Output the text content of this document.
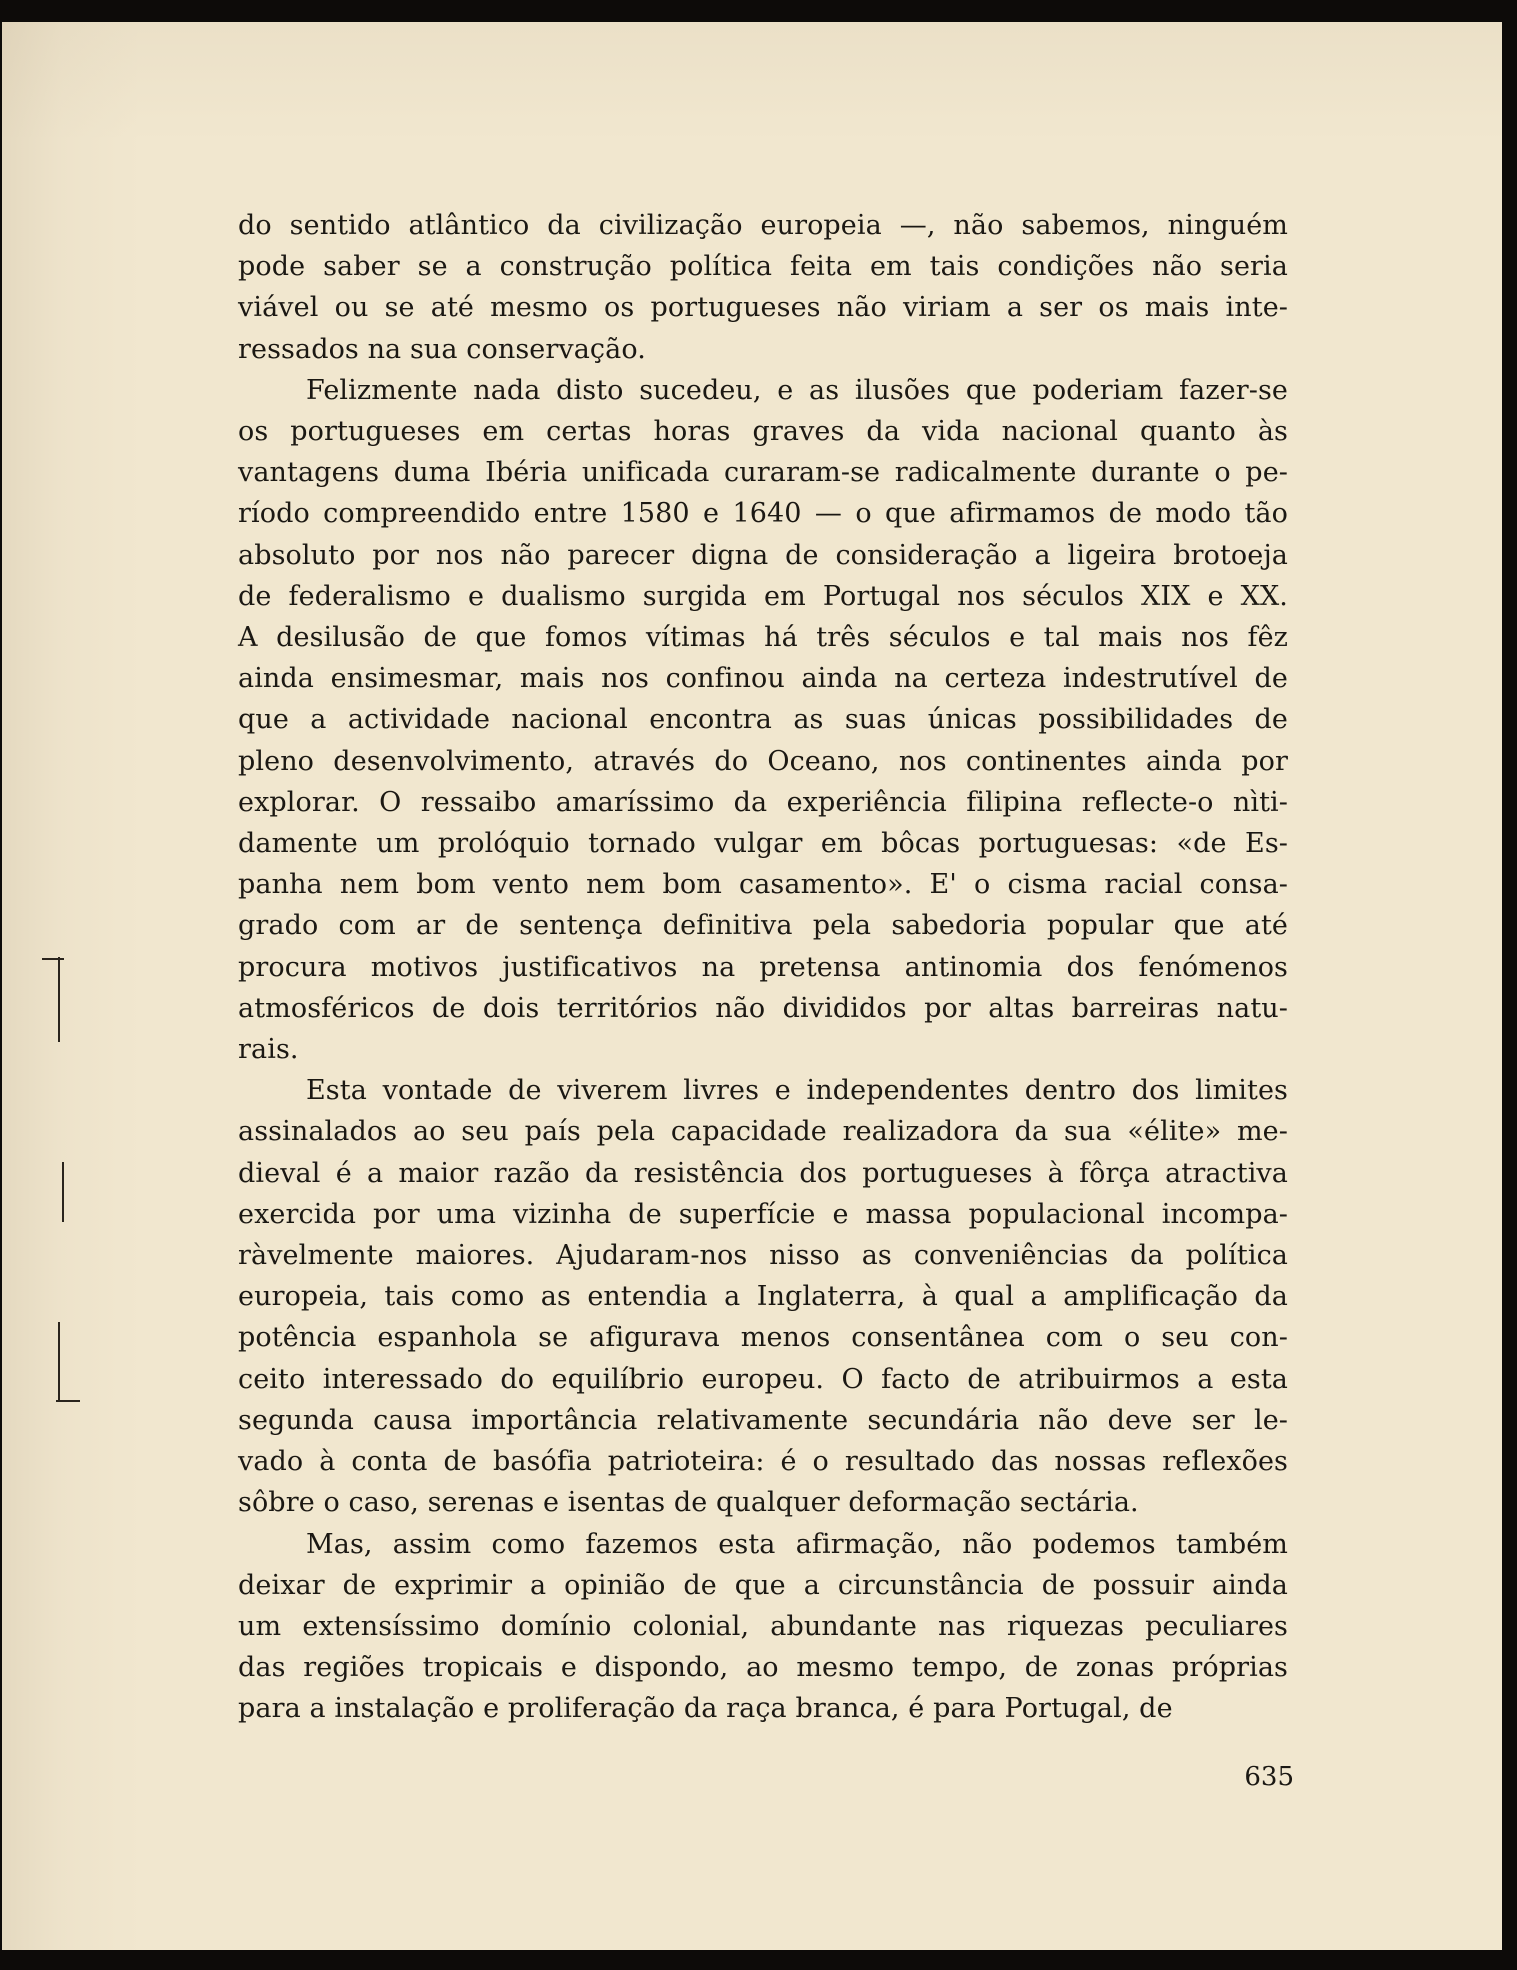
do sentido atlântico da civilização europeia —, não sabemos, ninguém
pode saber se a construção política feita em tais condições não seria
viável ou se até mesmo os portugueses não viriam a ser os mais inte-
ressados na sua conservação.
Felizmente nada disto sucedeu, e as ilusões que poderiam fazer-se
os portugueses em certas horas graves da vida nacional quanto às
vantagens duma Ibéria unificada curaram-se radicalmente durante o pe-
ríodo compreendido entre 1580 e 1640 — o que afirmamos de modo tão
absoluto por nos não parecer digna de consideração a ligeira brotoeja
de federalismo e dualismo surgida em Portugal nos séculos XIX e XX.
A desilusão de que fomos vítimas há três séculos e tal mais nos fêz
ainda ensimesmar, mais nos confinou ainda na certeza indestrutível de
que a actividade nacional encontra as suas únicas possibilidades de
pleno desenvolvimento, através do Oceano, nos continentes ainda por
explorar. O ressaibo amaríssimo da experiência filipina reflecte-o nìti-
damente um prolóquio tornado vulgar em bôcas portuguesas: «de Es-
panha nem bom vento nem bom casamento». E' o cisma racial consa-
grado com ar de sentença definitiva pela sabedoria popular que até
procura motivos justificativos na pretensa antinomia dos fenómenos
atmosféricos de dois territórios não divididos por altas barreiras natu-
rais.
Esta vontade de viverem livres e independentes dentro dos limites
assinalados ao seu país pela capacidade realizadora da sua «élite» me-
dieval é a maior razão da resistência dos portugueses à fôrça atractiva
exercida por uma vizinha de superfície e massa populacional incompa-
ràvelmente maiores. Ajudaram-nos nisso as conveniências da política
europeia, tais como as entendia a Inglaterra, à qual a amplificação da
potência espanhola se afigurava menos consentânea com o seu con-
ceito interessado do equilíbrio europeu. O facto de atribuirmos a esta
segunda causa importância relativamente secundária não deve ser le-
vado à conta de basófia patrioteira: é o resultado das nossas reflexões
sôbre o caso, serenas e isentas de qualquer deformação sectária.
Mas, assim como fazemos esta afirmação, não podemos também
deixar de exprimir a opinião de que a circunstância de possuir ainda
um extensíssimo domínio colonial, abundante nas riquezas peculiares
das regiões tropicais e dispondo, ao mesmo tempo, de zonas próprias
para a instalação e proliferação da raça branca, é para Portugal, de
635
